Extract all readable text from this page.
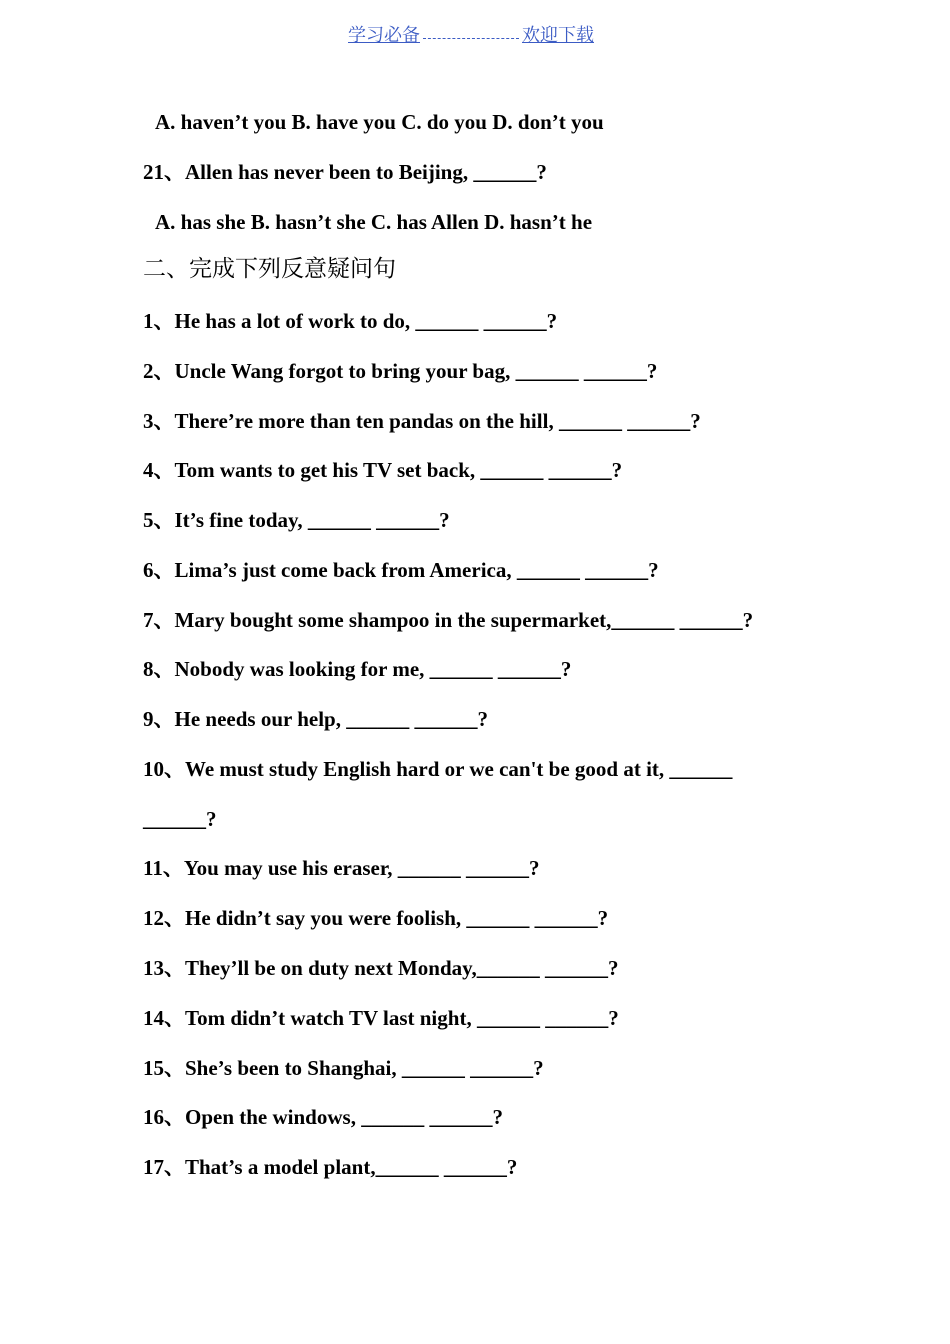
学习必备	欢迎下载
A. haven’t you B. have you C. do you D. don’t you
21、Allen has never been to Beijing, ______?
A. has she B. hasn’t she C. has Allen D. hasn’t he
二、完成下列反意疑问句
1、He has a lot of work to do, ______ ______?
2、Uncle Wang forgot to bring your bag, ______ ______?
3、There’re more than ten pandas on the hill, ______ ______?
4、Tom wants to get his TV set back, ______ ______?
5、It’s fine today, ______ ______?
6、Lima’s just come back from America, ______ ______?
7、Mary bought some shampoo in the supermarket,______ ______?
8、Nobody was looking for me, ______ ______?
9、He needs our help, ______ ______?
10、We must study English hard or we can't be good at it, ______
______?
11、You may use his eraser, ______ ______?
12、He didn’t say you were foolish, ______ ______?
13、They’ll be on duty next Monday,______ ______?
14、Tom didn’t watch TV last night, ______ ______?
15、She’s been to Shanghai, ______ ______?
16、Open the windows, ______ ______?
17、That’s a model plant,______ ______?
